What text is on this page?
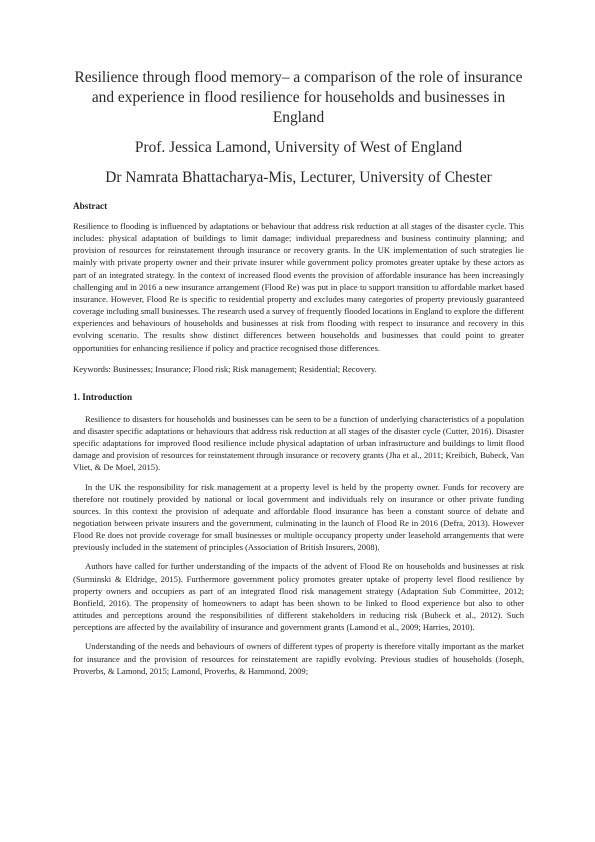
Resilience through flood memory– a comparison of the role of insurance and experience in flood resilience for households and businesses in England
Prof. Jessica Lamond, University of West of England
Dr Namrata Bhattacharya-Mis, Lecturer, University of Chester
Abstract

Resilience to flooding is influenced by adaptations or behaviour that address risk reduction at all stages of the disaster cycle. This includes: physical adaptation of buildings to limit damage; individual preparedness and business continuity planning; and provision of resources for reinstatement through insurance or recovery grants. In the UK implementation of such strategies lie mainly with private property owner and their private insurer while government policy promotes greater uptake by these actors as part of an integrated strategy. In the context of increased flood events the provision of affordable insurance has been increasingly challenging and in 2016 a new insurance arrangement (Flood Re) was put in place to support transition to affordable market based insurance. However, Flood Re is specific to residential property and excludes many categories of property previously guaranteed coverage including small businesses. The research used a survey of frequently flooded locations in England to explore the different experiences and behaviours of households and businesses at risk from flooding with respect to insurance and recovery in this evolving scenario. The results show distinct differences between households and businesses that could point to greater opportunities for enhancing resilience if policy and practice recognised those differences.

Keywords: Businesses; Insurance; Flood risk; Risk management; Residential; Recovery.

1. Introduction

Resilience to disasters for households and businesses can be seen to be a function of underlying characteristics of a population and disaster specific adaptations or behaviours that address risk reduction at all stages of the disaster cycle (Cutter, 2016). Disaster specific adaptations for improved flood resilience include physical adaptation of urban infrastructure and buildings to limit flood damage and provision of resources for reinstatement through insurance or recovery grants (Jha et al., 2011; Kreibich, Bubeck, Van Vliet, & De Moel, 2015).

In the UK the responsibility for risk management at a property level is held by the property owner. Funds for recovery are therefore not routinely provided by national or local government and individuals rely on insurance or other private funding sources. In this context the provision of adequate and affordable flood insurance has been a constant source of debate and negotiation between private insurers and the government, culminating in the launch of Flood Re in 2016 (Defra, 2013). However Flood Re does not provide coverage for small businesses or multiple occupancy property under leasehold arrangements that were previously included in the statement of principles (Association of British Insurers, 2008).

Authors have called for further understanding of the impacts of the advent of Flood Re on households and businesses at risk (Surminski & Eldridge, 2015). Furthermore government policy promotes greater uptake of property level flood resilience by property owners and occupiers as part of an integrated flood risk management strategy (Adaptation Sub Committee, 2012; Bonfield, 2016). The propensity of homeowners to adapt has been shown to be linked to flood experience but also to other attitudes and perceptions around the responsibilities of different stakeholders in reducing risk (Bubeck et al., 2012). Such perceptions are affected by the availability of insurance and government grants (Lamond et al., 2009; Harries, 2010).

Understanding of the needs and behaviours of owners of different types of property is therefore vitally important as the market for insurance and the provision of resources for reinstatement are rapidly evolving. Previous studies of households (Joseph, Proverbs, & Lamond, 2015; Lamond, Proverbs, & Hammond, 2009;
